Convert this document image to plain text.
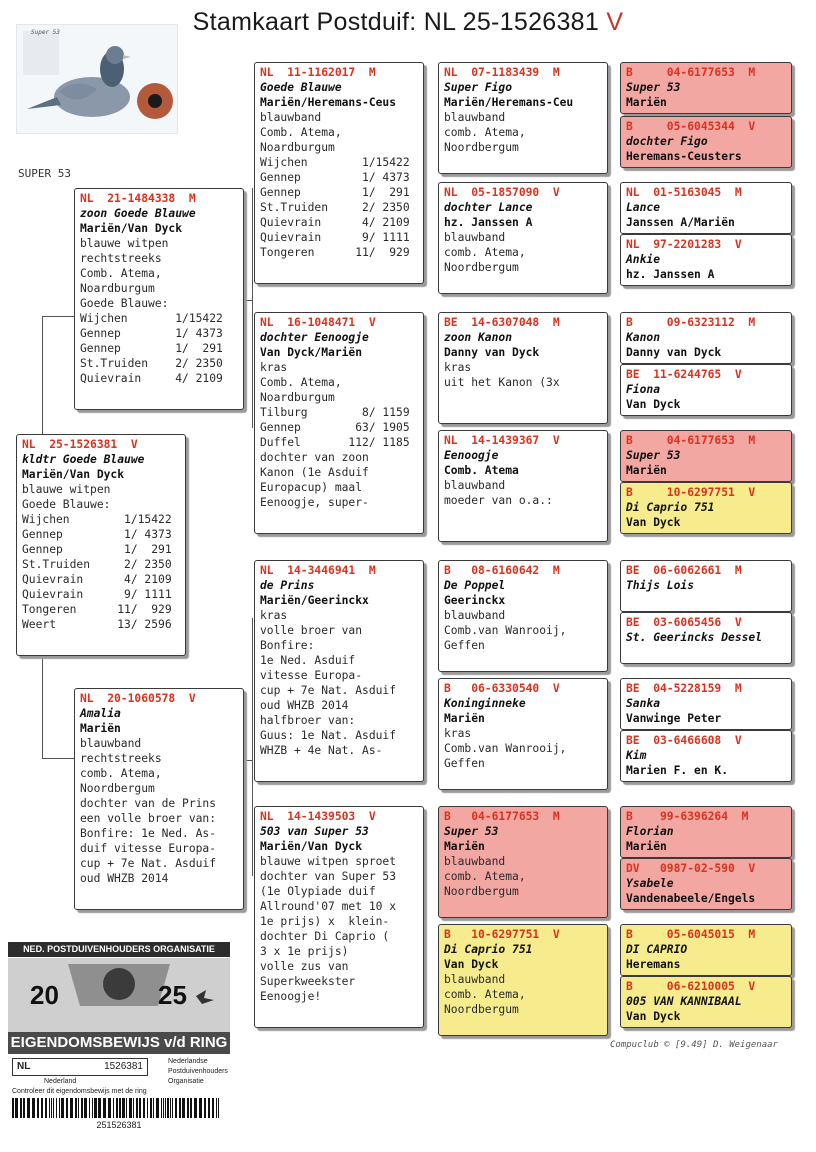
Stamkaart Postduif: NL 25-1526381 V
Super 53
SUPER 53
NL  25-1526381  V
kldtr Goede Blauwe
Mariën/Van Dyck
blauwe witpen
Goede Blauwe:
Wijchen        1/15422
Gennep         1/ 4373
Gennep         1/  291
St.Truiden     2/ 2350
Quievrain      4/ 2109
Quievrain      9/ 1111
Tongeren      11/  929
Weert         13/ 2596
NL  21-1484338  M
zoon Goede Blauwe
Mariën/Van Dyck
blauwe witpen
rechtstreeks
Comb. Atema,
Noardburgum
Goede Blauwe:
Wijchen       1/15422
Gennep        1/ 4373
Gennep        1/  291
St.Truiden    2/ 2350
Quievrain     4/ 2109
NL  20-1060578  V
Amalia
Mariën
blauwband
rechtstreeks
comb. Atema,
Noordbergum
dochter van de Prins
een volle broer van:
Bonfire: 1e Ned. As-
duif vitesse Europa-
cup + 7e Nat. Asduif
oud WHZB 2014
NL  11-1162017  M
Goede Blauwe
Mariën/Heremans-Ceus
blauwband
Comb. Atema,
Noardburgum
Wijchen        1/15422
Gennep         1/ 4373
Gennep         1/  291
St.Truiden     2/ 2350
Quievrain      4/ 2109
Quievrain      9/ 1111
Tongeren      11/  929
NL  16-1048471  V
dochter Eenoogje
Van Dyck/Mariën
kras
Comb. Atema,
Noardburgum
Tilburg        8/ 1159
Gennep        63/ 1905
Duffel       112/ 1185
dochter van zoon
Kanon (1e Asduif
Europacup) maal
Eenoogje, super-
NL  14-3446941  M
de Prins
Mariën/Geerinckx
kras
volle broer van
Bonfire:
1e Ned. Asduif
vitesse Europa-
cup + 7e Nat. Asduif
oud WHZB 2014
halfbroer van:
Guus: 1e Nat. Asduif
WHZB + 4e Nat. As-
NL  14-1439503  V
503 van Super 53
Mariën/Van Dyck
blauwe witpen sproet
dochter van Super 53
(1e Olypiade duif
Allround'07 met 10 x
1e prijs) x  klein-
dochter Di Caprio (
3 x 1e prijs)
volle zus van
Superkweekster
Eenoogje!
NL  07-1183439  M
Super Figo
Mariën/Heremans-Ceu
blauwband
comb. Atema,
Noordbergum
NL  05-1857090  V
dochter Lance
hz. Janssen A
blauwband
comb. Atema,
Noordbergum
BE  14-6307048  M
zoon Kanon
Danny van Dyck
kras
uit het Kanon (3x
NL  14-1439367  V
Eenoogje
Comb. Atema
blauwband
moeder van o.a.:
B   08-6160642  M
De Poppel
Geerinckx
blauwband
Comb.van Wanrooij,
Geffen
B   06-6330540  V
Koninginneke
Mariën
kras
Comb.van Wanrooij,
Geffen
B   04-6177653  M
Super 53
Mariën
blauwband
comb. Atema,
Noordbergum
B   10-6297751  V
Di Caprio 751
Van Dyck
blauwband
comb. Atema,
Noordbergum
B     04-6177653  M
Super 53
Mariën
B     05-6045344  V
dochter Figo
Heremans-Ceusters
NL  01-5163045  M
Lance
Janssen A/Mariën
NL  97-2201283  V
Ankie
hz. Janssen A
B     09-6323112  M
Kanon
Danny van Dyck
BE  11-6244765  V
Fiona
Van Dyck
B     04-6177653  M
Super 53
Mariën
B     10-6297751  V
Di Caprio 751
Van Dyck
BE  06-6062661  M
Thijs Lois
BE  03-6065456  V
St. Geerincks Dessel
BE  04-5228159  M
Sanka
Vanwinge Peter
BE  03-6466608  V
Kim
Marien F. en K.
B    99-6396264  M
Florian
Mariën
DV   0987-02-590  V
Ysabele
Vandenabeele/Engels
B     05-6045015  M
DI CAPRIO
Heremans
B     06-6210005  V
005 VAN KANNIBAAL
Van Dyck
NED. POSTDUIVENHOUDERS ORGANISATIE
20	25
EIGENDOMSBEWIJS v/d RING
NL	1526381
Nederland
Nederlandse
Postduivenhouders
Organisatie
Controleer dit eigendomsbewijs met de ring
251526381
Compuclub © [9.49] D. Weigenaar
